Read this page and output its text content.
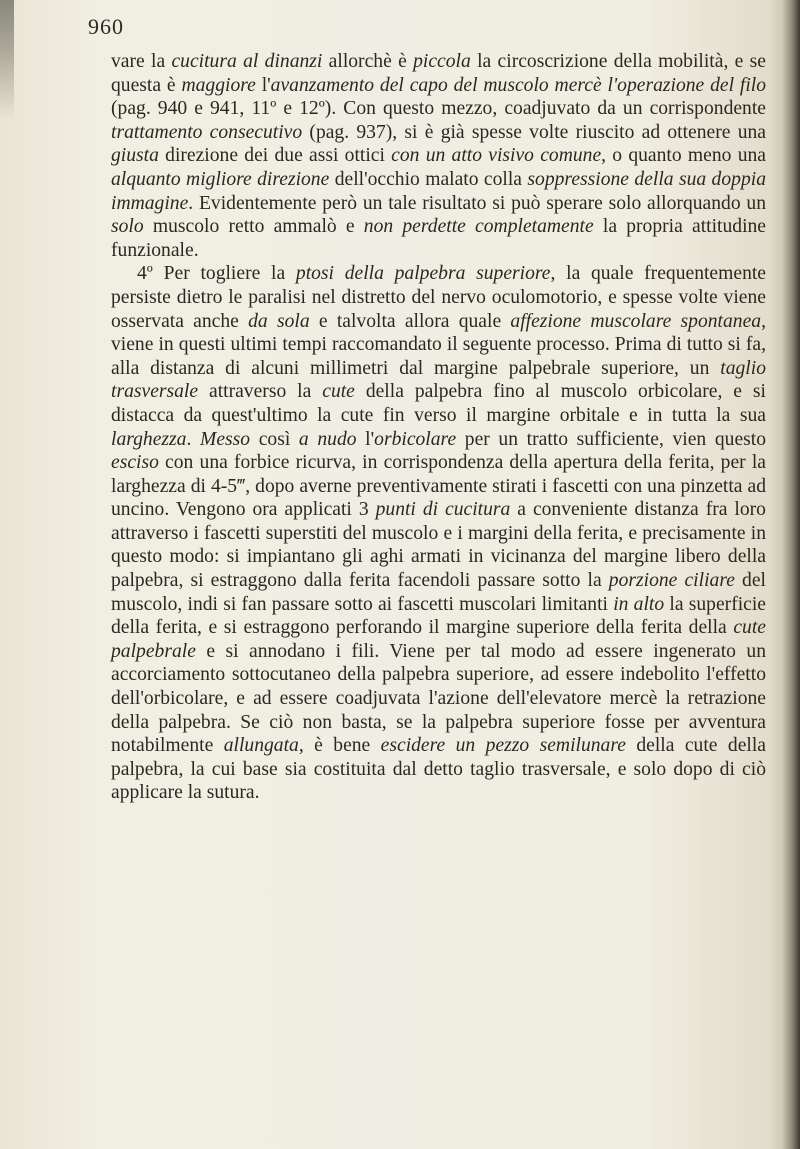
960

vare la cucitura al dinanzi allorchè è piccola la circoscrizione della mobilità, e se questa è maggiore l'avanzamento del capo del muscolo mercè l'operazione del filo (pag. 940 e 941, 11º e 12º). Con questo mezzo, coadjuvato da un corrispondente trattamento consecutivo (pag. 937), si è già spesse volte riuscito ad ottenere una giusta direzione dei due assi ottici con un atto visivo comune, o quanto meno una alquanto migliore direzione dell'occhio malato colla soppressione della sua doppia immagine. Evidentemente però un tale risultato si può sperare solo allorquando un solo muscolo retto ammalò e non perdette completamente la propria attitudine funzionale.

4º Per togliere la ptosi della palpebra superiore, la quale frequentemente persiste dietro le paralisi nel distretto del nervo oculomotorio, e spesse volte viene osservata anche da sola e talvolta allora quale affezione muscolare spontanea, viene in questi ultimi tempi raccomandato il seguente processo. Prima di tutto si fa, alla distanza di alcuni millimetri dal margine palpebrale superiore, un taglio trasversale attraverso la cute della palpebra fino al muscolo orbicolare, e si distacca da quest'ultimo la cute fin verso il margine orbitale e in tutta la sua larghezza. Messo così a nudo l'orbicolare per un tratto sufficiente, vien questo esciso con una forbice ricurva, in corrispondenza della apertura della ferita, per la larghezza di 4-5‴, dopo averne preventivamente stirati i fascetti con una pinzetta ad uncino. Vengono ora applicati 3 punti di cucitura a conveniente distanza fra loro attraverso i fascetti superstiti del muscolo e i margini della ferita, e precisamente in questo modo: si impiantano gli aghi armati in vicinanza del margine libero della palpebra, si estraggono dalla ferita facendoli passare sotto la porzione ciliare del muscolo, indi si fan passare sotto ai fascetti muscolari limitanti in alto la superficie della ferita, e si estraggono perforando il margine superiore della ferita della cute palpebrale e si annodano i fili. Viene per tal modo ad essere ingenerato un accorciamento sottocutaneo della palpebra superiore, ad essere indebolito l'effetto dell'orbicolare, e ad essere coadjuvata l'azione dell'elevatore mercè la retrazione della palpebra. Se ciò non basta, se la palpebra superiore fosse per avventura notabilmente allungata, è bene escidere un pezzo semilunare della cute della palpebra, la cui base sia costituita dal detto taglio trasversale, e solo dopo di ciò applicare la sutura.
